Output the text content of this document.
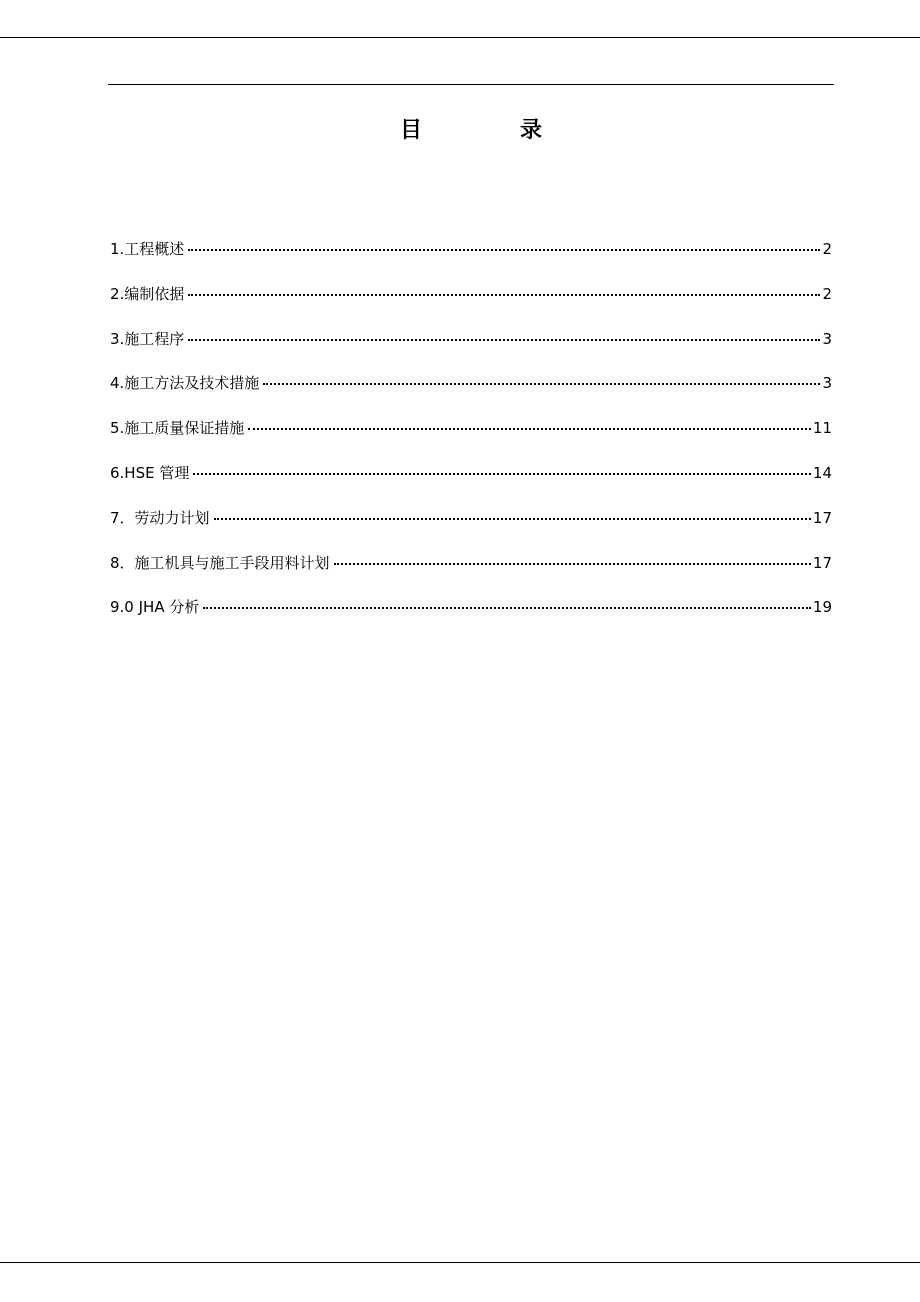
目	录
1.工程概述	2
2.编制依据	2
3.施工程序	3
4.施工方法及技术措施	3
5.施工质量保证措施	11
6.HSE 管理	14
7．劳动力计划	17
8．施工机具与施工手段用料计划	17
9.0 JHA 分析	19
